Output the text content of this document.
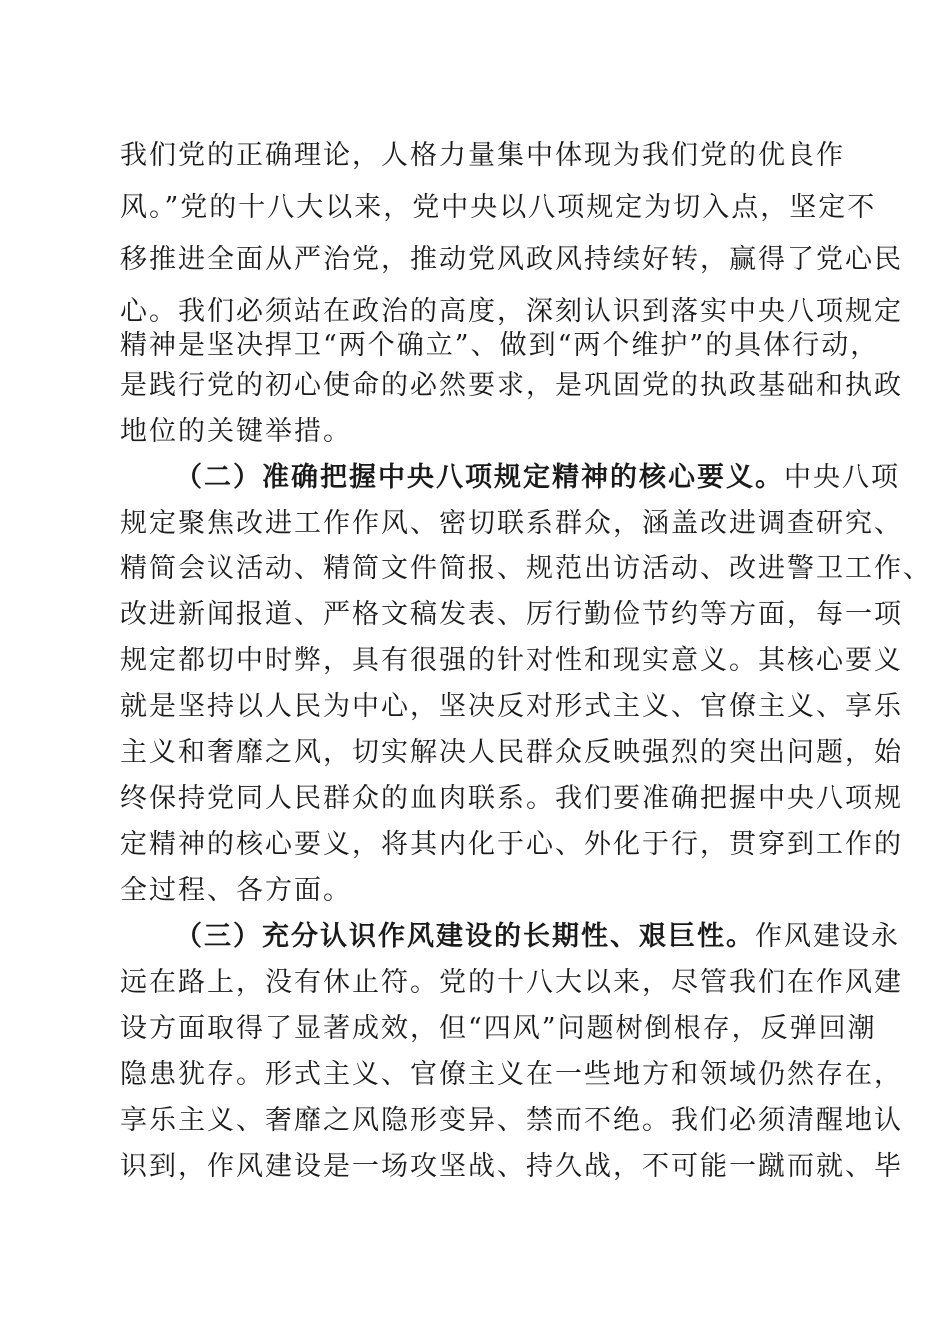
我们党的正确理论，人格力量集中体现为我们党的优良作
风。”党的十八大以来，党中央以八项规定为切入点，坚定不
移推进全面从严治党，推动党风政风持续好转，赢得了党心民
心。我们必须站在政治的高度，深刻认识到落实中央八项规定
精神是坚决捍卫“两个确立”、做到“两个维护”的具体行动，
是践行党的初心使命的必然要求，是巩固党的执政基础和执政
地位的关键举措。
（二）准确把握中央八项规定精神的核心要义。中央八项
规定聚焦改进工作作风、密切联系群众，涵盖改进调查研究、
精简会议活动、精简文件简报、规范出访活动、改进警卫工作、
改进新闻报道、严格文稿发表、厉行勤俭节约等方面，每一项
规定都切中时弊，具有很强的针对性和现实意义。其核心要义
就是坚持以人民为中心，坚决反对形式主义、官僚主义、享乐
主义和奢靡之风，切实解决人民群众反映强烈的突出问题，始
终保持党同人民群众的血肉联系。我们要准确把握中央八项规
定精神的核心要义，将其内化于心、外化于行，贯穿到工作的
全过程、各方面。
（三）充分认识作风建设的长期性、艰巨性。作风建设永
远在路上，没有休止符。党的十八大以来，尽管我们在作风建
设方面取得了显著成效，但“四风”问题树倒根存，反弹回潮
隐患犹存。形式主义、官僚主义在一些地方和领域仍然存在，
享乐主义、奢靡之风隐形变异、禁而不绝。我们必须清醒地认
识到，作风建设是一场攻坚战、持久战，不可能一蹴而就、毕
